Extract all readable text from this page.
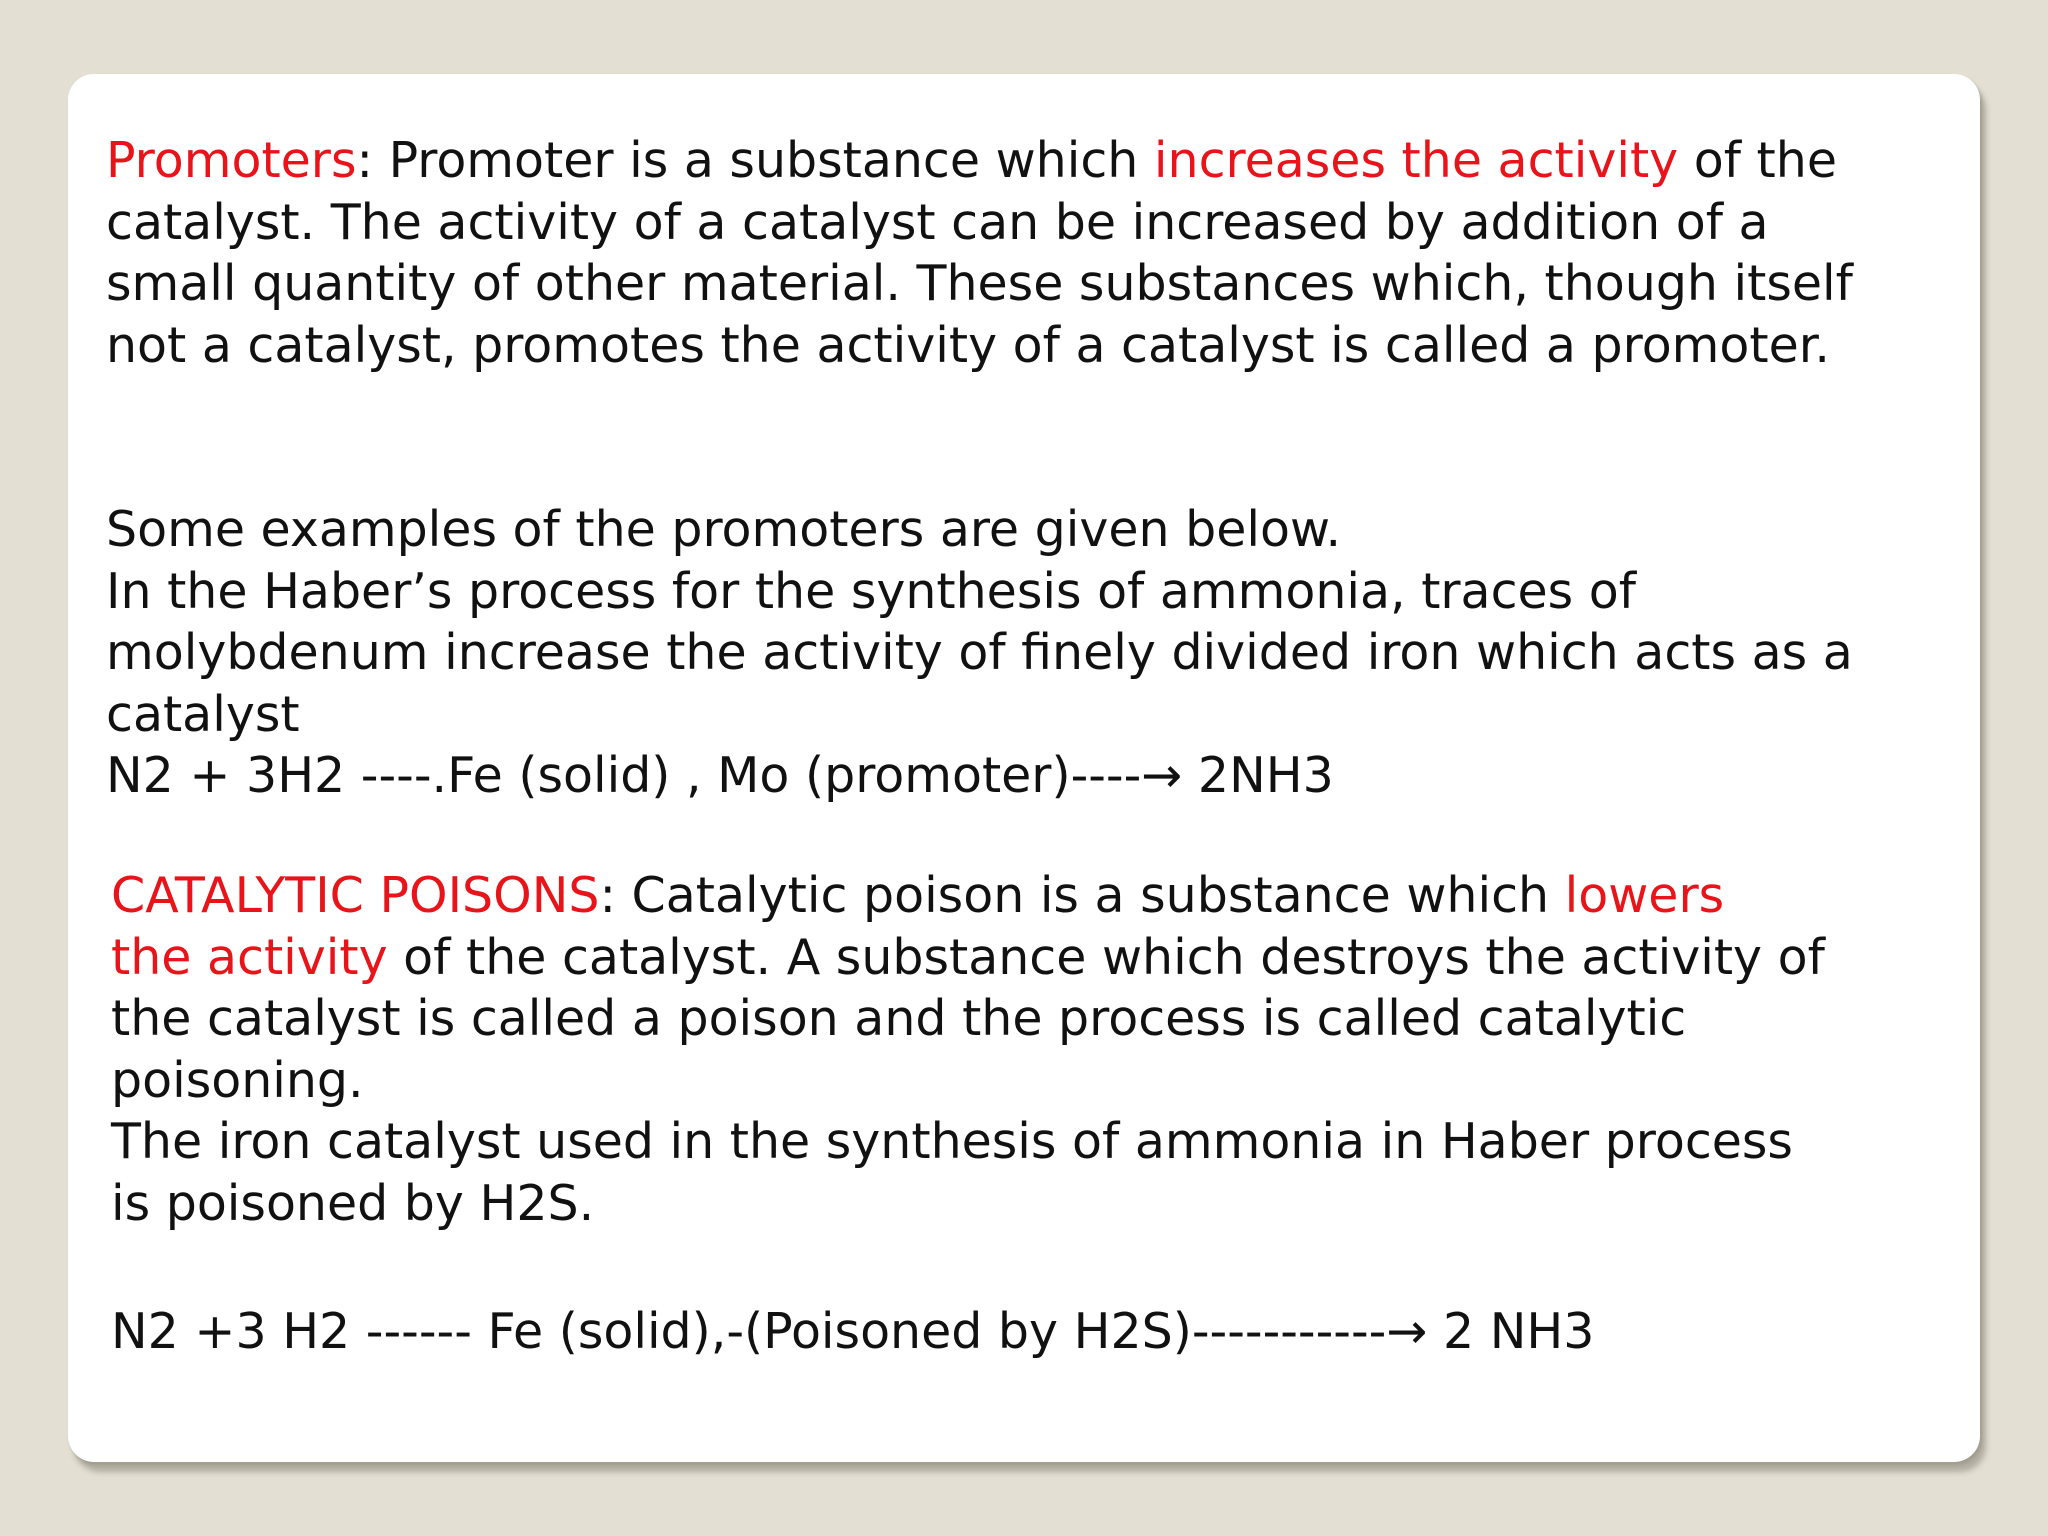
Promoters: Promoter is a substance which increases the activity of the
catalyst. The activity of a catalyst can be increased by addition of a
small quantity of other material. These substances which, though itself
not a catalyst, promotes the activity of a catalyst is called a promoter.

Some examples of the promoters are given below.
In the Haber’s process for the synthesis of ammonia, traces of
molybdenum increase the activity of finely divided iron which acts as a
catalyst
N2 + 3H2 ----.Fe (solid) , Mo (promoter)----→ 2NH3

CATALYTIC POISONS: Catalytic poison is a substance which lowers
the activity of the catalyst. A substance which destroys the activity of
the catalyst is called a poison and the process is called catalytic
poisoning.
The iron catalyst used in the synthesis of ammonia in Haber process
is poisoned by H2S.

N2 +3 H2 ------ Fe (solid),-(Poisoned by H2S)-----------→ 2 NH3
